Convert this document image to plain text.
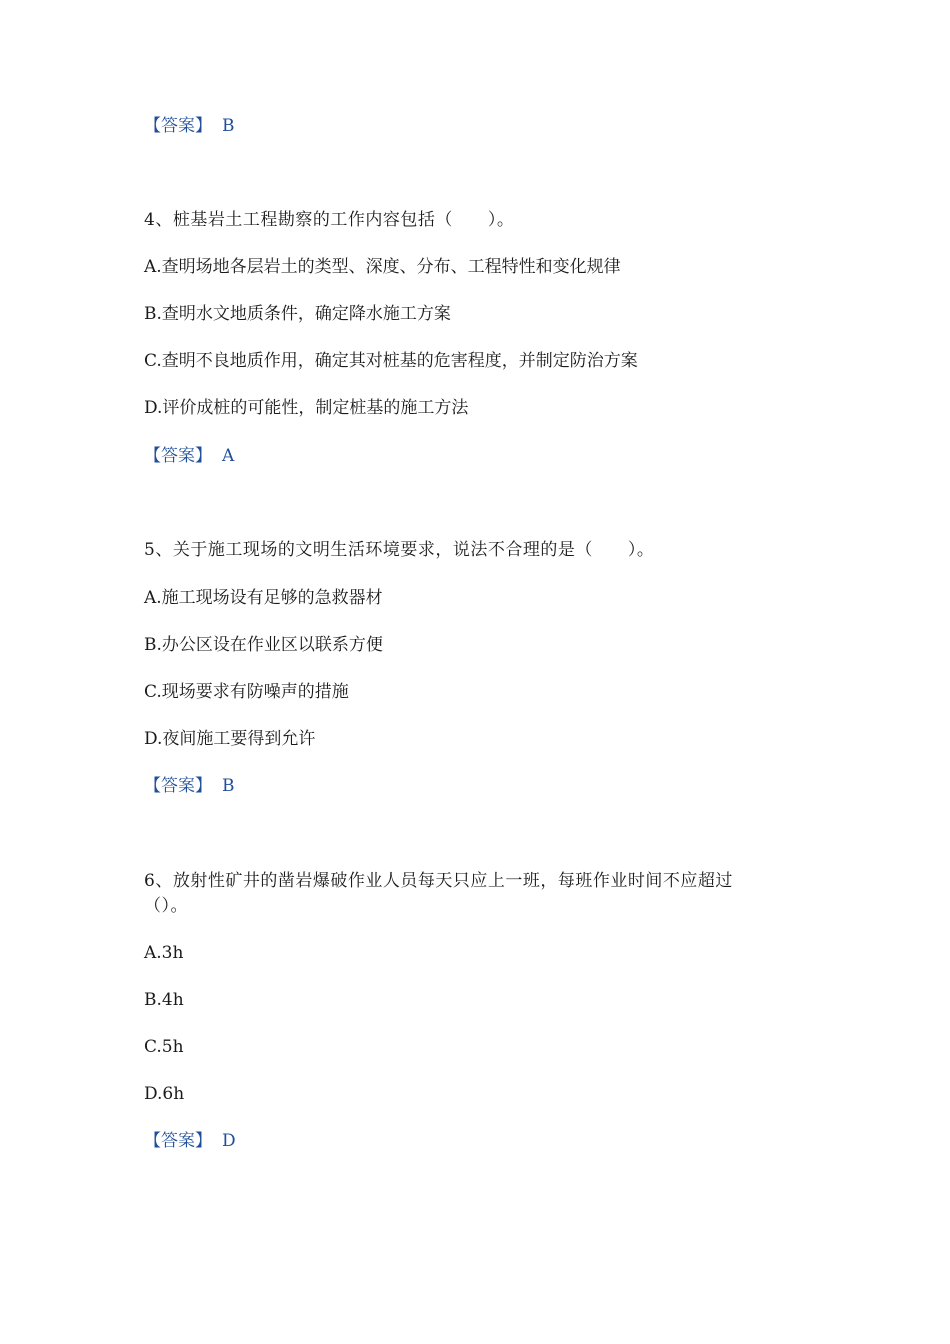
【答案】 B
4、桩基岩土工程勘察的工作内容包括（　　）。
A.查明场地各层岩土的类型、深度、分布、工程特性和变化规律
B.查明水文地质条件，确定降水施工方案
C.查明不良地质作用，确定其对桩基的危害程度，并制定防治方案
D.评价成桩的可能性，制定桩基的施工方法
【答案】 A
5、关于施工现场的文明生活环境要求，说法不合理的是（　　）。
A.施工现场设有足够的急救器材
B.办公区设在作业区以联系方便
C.现场要求有防噪声的措施
D.夜间施工要得到允许
【答案】 B
6、放射性矿井的凿岩爆破作业人员每天只应上一班，每班作业时间不应超过
（）。
A.3h
B.4h
C.5h
D.6h
【答案】 D
